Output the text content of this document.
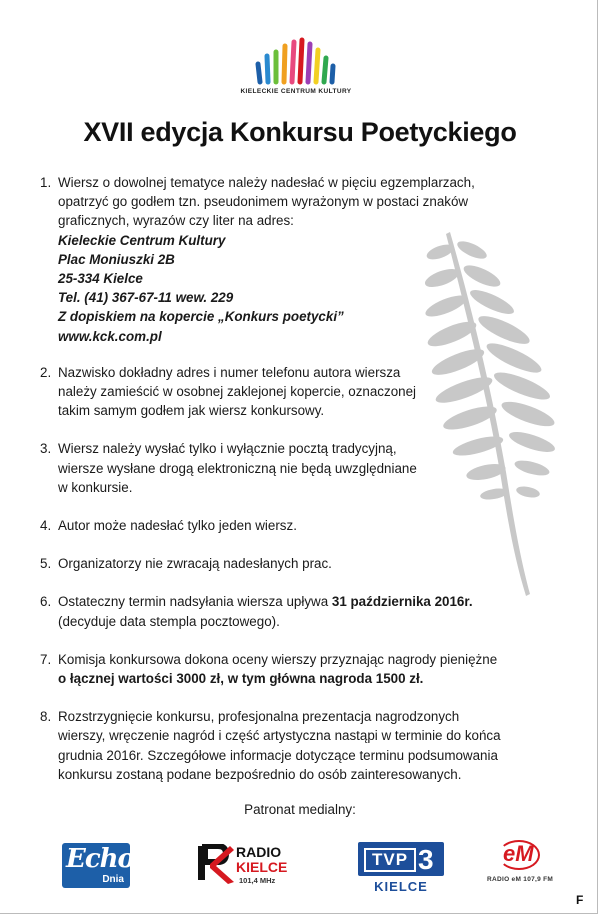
KIELECKIE CENTRUM KULTURY
XVII edycja Konkursu Poetyckiego
1. Wiersz o dowolnej tematyce należy nadesłać w pięciu egzemplarzach,
opatrzyć go godłem tzn. pseudonimem wyrażonym w postaci znaków
graficznych, wyrazów czy liter na adres:
Kieleckie Centrum Kultury
Plac Moniuszki 2B
25-334 Kielce
Tel. (41) 367-67-11 wew. 229
Z dopiskiem na kopercie „Konkurs poetycki”
www.kck.com.pl
2. Nazwisko dokładny adres i numer telefonu autora wiersza
należy zamieścić w osobnej zaklejonej kopercie, oznaczonej
takim samym godłem jak wiersz konkursowy.
3. Wiersz należy wysłać tylko i wyłącznie pocztą tradycyjną,
wiersze wysłane drogą elektroniczną nie będą uwzględniane
w konkursie.
4. Autor może nadesłać tylko jeden wiersz.
5. Organizatorzy nie zwracają nadesłanych prac.
6. Ostateczny termin nadsyłania wiersza upływa 31 października 2016r.
(decyduje data stempla pocztowego).
7. Komisja konkursowa dokona oceny wierszy przyznając nagrody pieniężne
o łącznej wartości 3000 zł, w tym główna nagroda 1500 zł.
8. Rozstrzygnięcie konkursu, profesjonalna prezentacja nagrodzonych
wierszy, wręczenie nagród i część artystyczna nastąpi w terminie do końca
grudnia 2016r. Szczegółowe informacje dotyczące terminu podsumowania
konkursu zostaną podane bezpośrednio do osób zainteresowanych.
Patronat medialny:
Echo
Dnia
RADIO
KIELCE
101,4 MHz
TVP 3
KIELCE
eM
RADIO eM 107,9 FM
F
